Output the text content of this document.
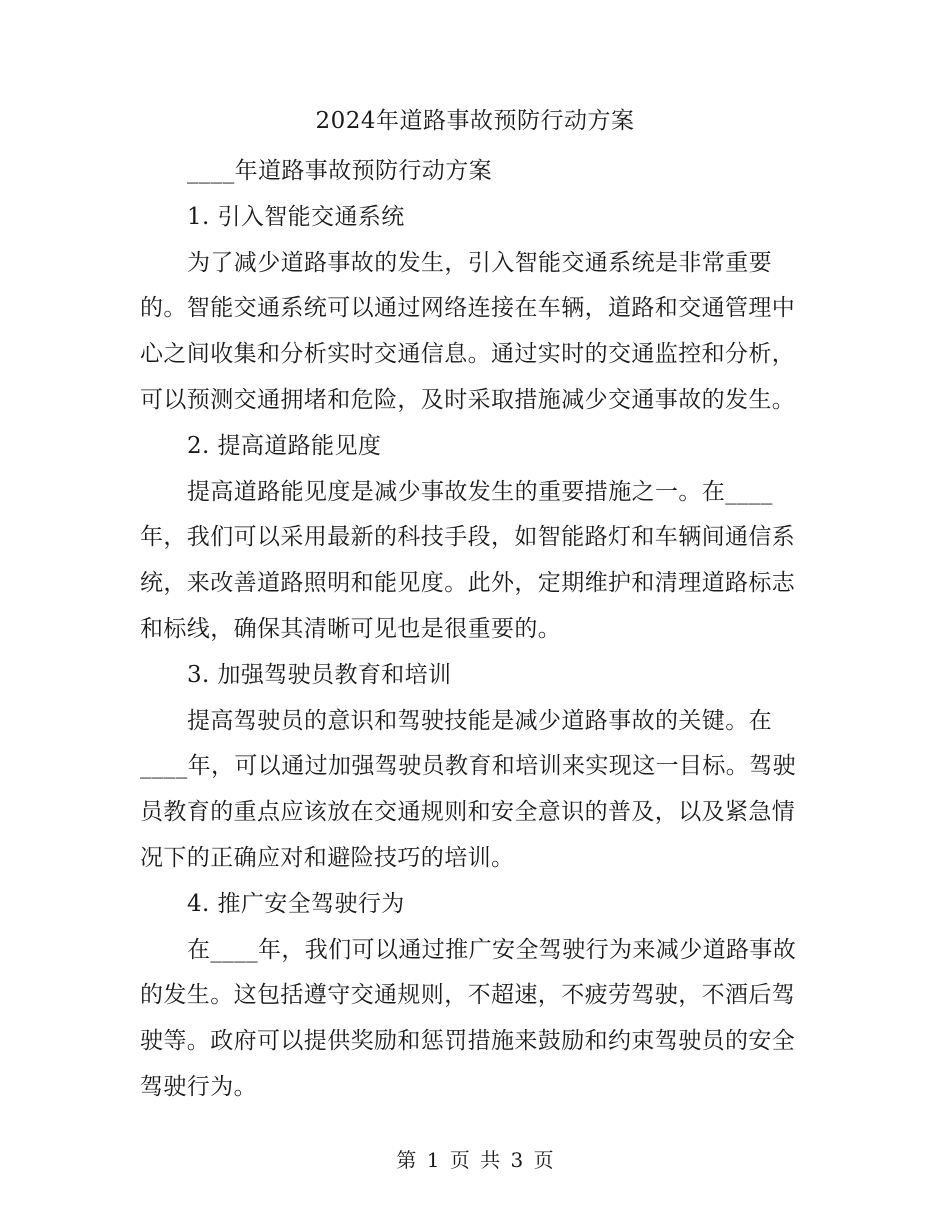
2024年道路事故预防行动方案
____年道路事故预防行动方案
1. 引入智能交通系统
为了减少道路事故的发生，引入智能交通系统是非常重要
的。智能交通系统可以通过网络连接在车辆，道路和交通管理中
心之间收集和分析实时交通信息。通过实时的交通监控和分析，
可以预测交通拥堵和危险，及时采取措施减少交通事故的发生。
2. 提高道路能见度
提高道路能见度是减少事故发生的重要措施之一。在____
年，我们可以采用最新的科技手段，如智能路灯和车辆间通信系
统，来改善道路照明和能见度。此外，定期维护和清理道路标志
和标线，确保其清晰可见也是很重要的。
3. 加强驾驶员教育和培训
提高驾驶员的意识和驾驶技能是减少道路事故的关键。在
____年，可以通过加强驾驶员教育和培训来实现这一目标。驾驶
员教育的重点应该放在交通规则和安全意识的普及，以及紧急情
况下的正确应对和避险技巧的培训。
4. 推广安全驾驶行为
在____年，我们可以通过推广安全驾驶行为来减少道路事故
的发生。这包括遵守交通规则，不超速，不疲劳驾驶，不酒后驾
驶等。政府可以提供奖励和惩罚措施来鼓励和约束驾驶员的安全
驾驶行为。
第 1 页 共 3 页
